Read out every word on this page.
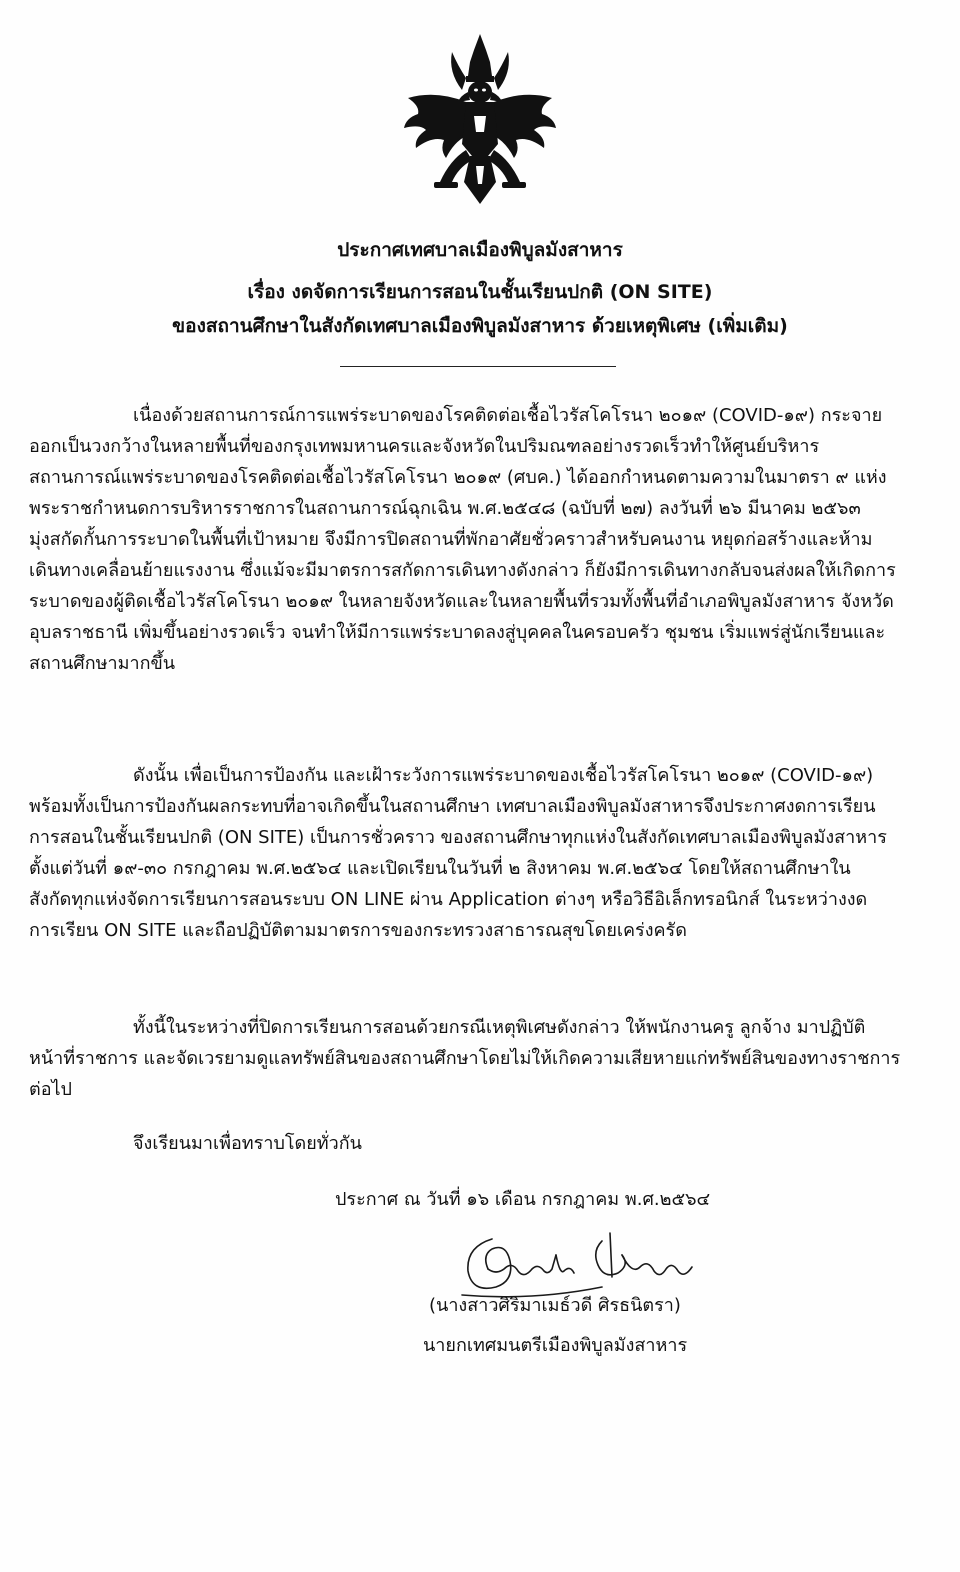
ประกาศเทศบาลเมืองพิบูลมังสาหาร
เรื่อง งดจัดการเรียนการสอนในชั้นเรียนปกติ (ON SITE)
ของสถานศึกษาในสังกัดเทศบาลเมืองพิบูลมังสาหาร ด้วยเหตุพิเศษ (เพิ่มเติม)
เนื่องด้วยสถานการณ์การแพร่ระบาดของโรคติดต่อเชื้อไวรัสโคโรนา ๒๐๑๙ (COVID-๑๙) กระจาย
ออกเป็นวงกว้างในหลายพื้นที่ของกรุงเทพมหานครและจังหวัดในปริมณฑลอย่างรวดเร็วทำให้ศูนย์บริหาร
สถานการณ์แพร่ระบาดของโรคติดต่อเชื้อไวรัสโคโรนา ๒๐๑๙ (ศบค.) ได้ออกกำหนดตามความในมาตรา ๙ แห่ง
พระราชกำหนดการบริหารราชการในสถานการณ์ฉุกเฉิน พ.ศ.๒๕๔๘ (ฉบับที่ ๒๗) ลงวันที่ ๒๖ มีนาคม ๒๕๖๓
มุ่งสกัดกั้นการระบาดในพื้นที่เป้าหมาย จึงมีการปิดสถานที่พักอาศัยชั่วคราวสำหรับคนงาน หยุดก่อสร้างและห้าม
เดินทางเคลื่อนย้ายแรงงาน ซึ่งแม้จะมีมาตรการสกัดการเดินทางดังกล่าว ก็ยังมีการเดินทางกลับจนส่งผลให้เกิดการ
ระบาดของผู้ติดเชื้อไวรัสโคโรนา ๒๐๑๙ ในหลายจังหวัดและในหลายพื้นที่รวมทั้งพื้นที่อำเภอพิบูลมังสาหาร จังหวัด
อุบลราชธานี เพิ่มขึ้นอย่างรวดเร็ว จนทำให้มีการแพร่ระบาดลงสู่บุคคลในครอบครัว ชุมชน เริ่มแพร่สู่นักเรียนและ
สถานศึกษามากขึ้น
ดังนั้น เพื่อเป็นการป้องกัน และเฝ้าระวังการแพร่ระบาดของเชื้อไวรัสโคโรนา ๒๐๑๙ (COVID-๑๙)
พร้อมทั้งเป็นการป้องกันผลกระทบที่อาจเกิดขึ้นในสถานศึกษา เทศบาลเมืองพิบูลมังสาหารจึงประกาศงดการเรียน
การสอนในชั้นเรียนปกติ (ON SITE) เป็นการชั่วคราว ของสถานศึกษาทุกแห่งในสังกัดเทศบาลเมืองพิบูลมังสาหาร
ตั้งแต่วันที่ ๑๙-๓๐ กรกฎาคม พ.ศ.๒๕๖๔ และเปิดเรียนในวันที่ ๒ สิงหาคม พ.ศ.๒๕๖๔ โดยให้สถานศึกษาใน
สังกัดทุกแห่งจัดการเรียนการสอนระบบ ON LINE ผ่าน Application ต่างๆ หรือวิธีอิเล็กทรอนิกส์ ในระหว่างงด
การเรียน ON SITE และถือปฏิบัติตามมาตรการของกระทรวงสาธารณสุขโดยเคร่งครัด
ทั้งนี้ในระหว่างที่ปิดการเรียนการสอนด้วยกรณีเหตุพิเศษดังกล่าว ให้พนักงานครู ลูกจ้าง มาปฏิบัติ
หน้าที่ราชการ และจัดเวรยามดูแลทรัพย์สินของสถานศึกษาโดยไม่ให้เกิดความเสียหายแก่ทรัพย์สินของทางราชการ
ต่อไป
จึงเรียนมาเพื่อทราบโดยทั่วกัน
ประกาศ ณ วันที่ ๑๖ เดือน กรกฎาคม พ.ศ.๒๕๖๔
(นางสาวศิริมาเมธ์วดี ศิรธนิตรา)
นายกเทศมนตรีเมืองพิบูลมังสาหาร
